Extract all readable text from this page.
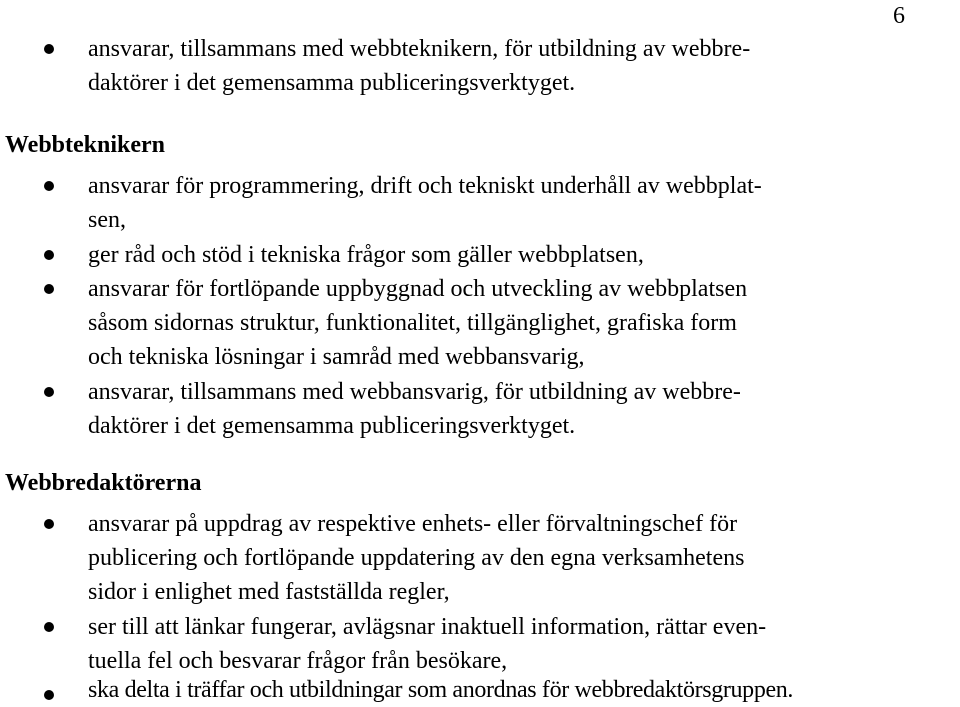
6
ansvarar, tillsammans med webbteknikern, för utbildning av webbre-
daktörer i det gemensamma publiceringsverktyget.
Webbteknikern
ansvarar för programmering, drift och tekniskt underhåll av webbplat-
sen,
ger råd och stöd i tekniska frågor som gäller webbplatsen,
ansvarar för fortlöpande uppbyggnad och utveckling av webbplatsen
såsom sidornas struktur, funktionalitet, tillgänglighet, grafiska form
och tekniska lösningar i samråd med webbansvarig,
ansvarar, tillsammans med webbansvarig, för utbildning av webbre-
daktörer i det gemensamma publiceringsverktyget.
Webbredaktörerna
ansvarar på uppdrag av respektive enhets- eller förvaltningschef för
publicering och fortlöpande uppdatering av den egna verksamhetens
sidor i enlighet med fastställda regler,
ser till att länkar fungerar, avlägsnar inaktuell information, rättar even-
tuella fel och besvarar frågor från besökare,
ska delta i träffar och utbildningar som anordnas för webbredaktörsgruppen.
